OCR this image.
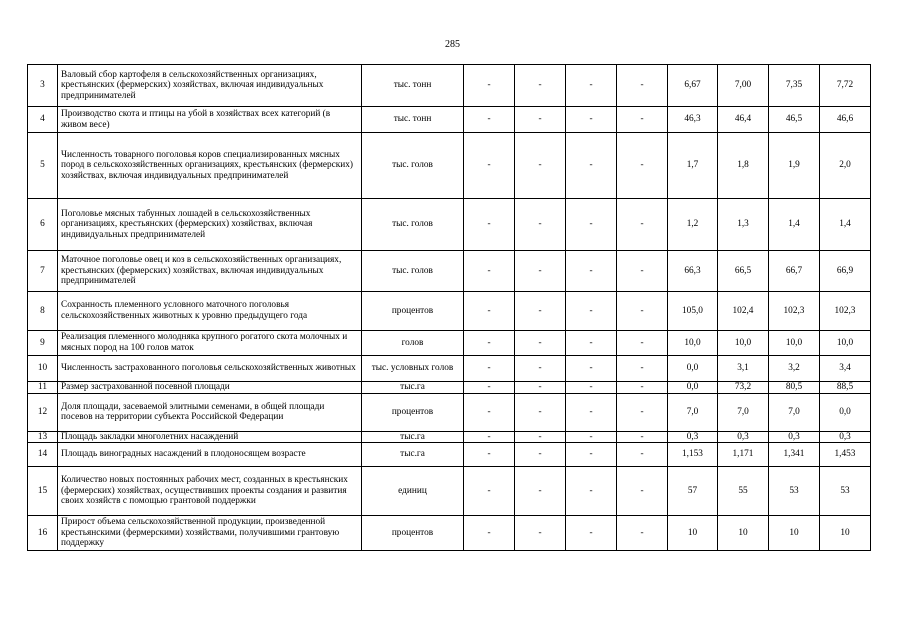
285
3	Валовый сбор картофеля в сельскохозяйственных организациях, крестьянских (фермерских) хозяйствах, включая индивидуальных предпринимателей	тыс. тонн	-	-	-	-	6,67	7,00	7,35	7,72
4	Производство скота и птицы на убой в хозяйствах всех категорий (в живом весе)	тыс. тонн	-	-	-	-	46,3	46,4	46,5	46,6
5	Численность товарного поголовья коров специализированных мясных пород в сельскохозяйственных организациях, крестьянских (фермерских) хозяйствах, включая индивидуальных предпринимателей	тыс. голов	-	-	-	-	1,7	1,8	1,9	2,0
6	Поголовье мясных табунных лошадей в сельскохозяйственных организациях, крестьянских (фермерских) хозяйствах, включая индивидуальных предпринимателей	тыс. голов	-	-	-	-	1,2	1,3	1,4	1,4
7	Маточное поголовье овец и коз в сельскохозяйственных организациях, крестьянских (фермерских) хозяйствах, включая индивидуальных предпринимателей	тыс. голов	-	-	-	-	66,3	66,5	66,7	66,9
8	Сохранность племенного условного маточного поголовья сельскохозяйственных животных к уровню предыдущего года	процентов	-	-	-	-	105,0	102,4	102,3	102,3
9	Реализация племенного молодняка крупного рогатого скота молочных и мясных пород на 100 голов маток	голов	-	-	-	-	10,0	10,0	10,0	10,0
10	Численность застрахованного поголовья сельскохозяйственных животных	тыс. условных голов	-	-	-	-	0,0	3,1	3,2	3,4
11	Размер застрахованной посевной площади	тыс.га	-	-	-	-	0,0	73,2	80,5	88,5
12	Доля площади, засеваемой элитными семенами, в общей площади посевов на территории субъекта Российской Федерации	процентов	-	-	-	-	7,0	7,0	7,0	0,0
13	Площадь закладки многолетних насаждений	тыс.га	-	-	-	-	0,3	0,3	0,3	0,3
14	Площадь виноградных насаждений в плодоносящем возрасте	тыс.га	-	-	-	-	1,153	1,171	1,341	1,453
15	Количество новых постоянных рабочих мест, созданных в крестьянских (фермерских) хозяйствах, осуществивших проекты создания и развития своих хозяйств с помощью грантовой поддержки	единиц	-	-	-	-	57	55	53	53
16	Прирост объема сельскохозяйственной продукции, произведенной крестьянскими (фермерскими) хозяйствами, получившими грантовую поддержку	процентов	-	-	-	-	10	10	10	10
